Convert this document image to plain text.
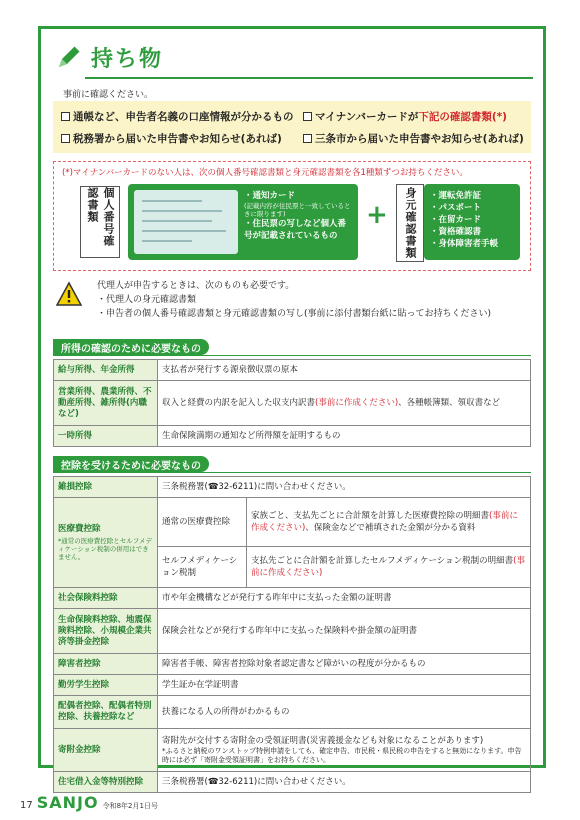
持ち物
事前に確認ください。
通帳など、申告者名義の口座情報が分かるもの マイナンバーカードが 下記の確認書類(*)
税務署から届いた申告書やお知らせ(あれば)	三条市から届いた申告書やお知らせ(あれば)
(*)マイナンバーカードのない人は、次の個人番号確認書類と身元確認書類を各1種類ずつお持ちください。
個人番号確認書類	・通知カード
(記載内容が住民票と一致しているときに限ります)
・住民票の写しなど個人番号が記載されているもの
+	身元確認書類	・運転免許証
・パスポート
・在留カード
・資格確認書
・身体障害者手帳
代理人が申告するときは、次のものも必要です。
・代理人の身元確認書類
・申告者の個人番号確認書類と身元確認書類の写し(事前に添付書類台紙に貼ってお持ちください)
所得の確認のために必要なもの
給与所得、年金所得	支払者が発行する源泉徴収票の原本
営業所得、農業所得、不動産所得、雑所得(内職など)	収入と経費の内訳を記入した収支内訳書(事前に作成ください)、各種帳簿類、領収書など
一時所得	生命保険満期の通知など所得額を証明するもの
控除を受けるために必要なもの
雑損控除	三条税務署(☎32-6211)に問い合わせください。	
医療費控除
*通常の医療費控除とセルフメディケーション税制の併用はできません。	通常の医療費控除	家族ごと、支払先ごとに合計額を計算した医療費控除の明細書(事前に作成ください)、保険金などで補填された金額が分かる資料
	セルフメディケーション税制	支払先ごとに合計額を計算したセルフメディケーション税制の明細書(事前に作成ください)
社会保険料控除	市や年金機構などが発行する昨年中に支払った金額の証明書	
生命保険料控除、地震保険料控除、小規模企業共済等掛金控除	保険会社などが発行する昨年中に支払った保険料や掛金額の証明書	
障害者控除	障害者手帳、障害者控除対象者認定書など障がいの程度が分かるもの	
勤労学生控除	学生証か在学証明書	
配偶者控除、配偶者特別控除、扶養控除など	扶養になる人の所得がわかるもの	
寄附金控除	寄附先が交付する寄附金の受領証明書(災害義援金なども対象になることがあります)
*ふるさと納税のワンストップ特例申請をしても、確定申告、市民税・県民税の申告をすると無効になります。申告時には必ず「寄附金受領証明書」をお持ちください。	

住宅借入金等特別控除	三条税務署(☎32-6211)に問い合わせください。	
17 SANJO 令和8年2月1日号
